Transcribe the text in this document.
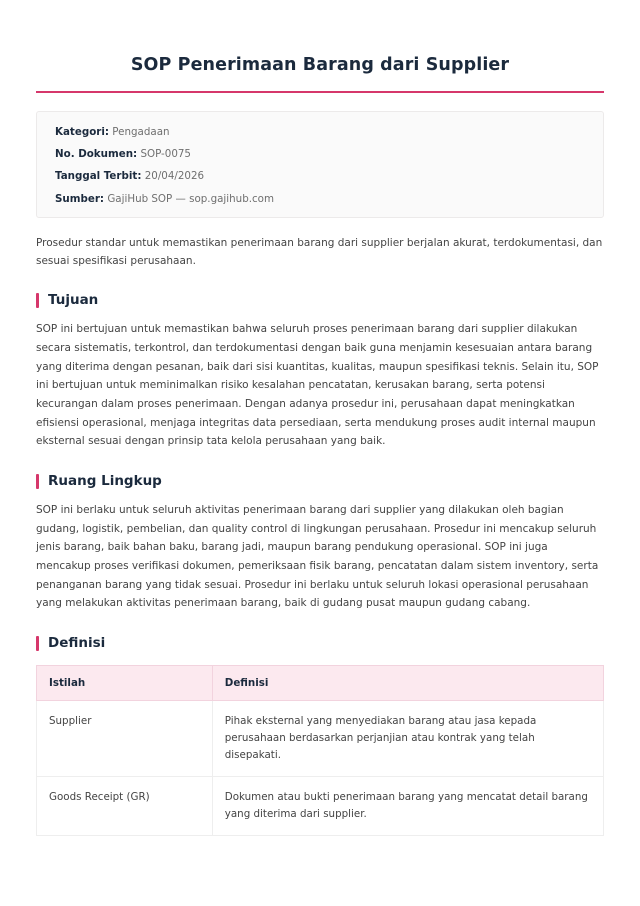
SOP Penerimaan Barang dari Supplier
Kategori: Pengadaan
No. Dokumen: SOP-0075
Tanggal Terbit: 20/04/2026
Sumber: GajiHub SOP — sop.gajihub.com

Prosedur standar untuk memastikan penerimaan barang dari supplier berjalan akurat, terdokumentasi, dan sesuai spesifikasi perusahaan.

Tujuan

SOP ini bertujuan untuk memastikan bahwa seluruh proses penerimaan barang dari supplier dilakukan secara sistematis, terkontrol, dan terdokumentasi dengan baik guna menjamin kesesuaian antara barang yang diterima dengan pesanan, baik dari sisi kuantitas, kualitas, maupun spesifikasi teknis. Selain itu, SOP ini bertujuan untuk meminimalkan risiko kesalahan pencatatan, kerusakan barang, serta potensi kecurangan dalam proses penerimaan. Dengan adanya prosedur ini, perusahaan dapat meningkatkan efisiensi operasional, menjaga integritas data persediaan, serta mendukung proses audit internal maupun eksternal sesuai dengan prinsip tata kelola perusahaan yang baik.

Ruang Lingkup

SOP ini berlaku untuk seluruh aktivitas penerimaan barang dari supplier yang dilakukan oleh bagian gudang, logistik, pembelian, dan quality control di lingkungan perusahaan. Prosedur ini mencakup seluruh jenis barang, baik bahan baku, barang jadi, maupun barang pendukung operasional. SOP ini juga mencakup proses verifikasi dokumen, pemeriksaan fisik barang, pencatatan dalam sistem inventory, serta penanganan barang yang tidak sesuai. Prosedur ini berlaku untuk seluruh lokasi operasional perusahaan yang melakukan aktivitas penerimaan barang, baik di gudang pusat maupun gudang cabang.

Definisi
Istilah	Definisi
Supplier	Pihak eksternal yang menyediakan barang atau jasa kepada perusahaan berdasarkan perjanjian atau kontrak yang telah disepakati.
Goods Receipt (GR)	Dokumen atau bukti penerimaan barang yang mencatat detail barang yang diterima dari supplier.
